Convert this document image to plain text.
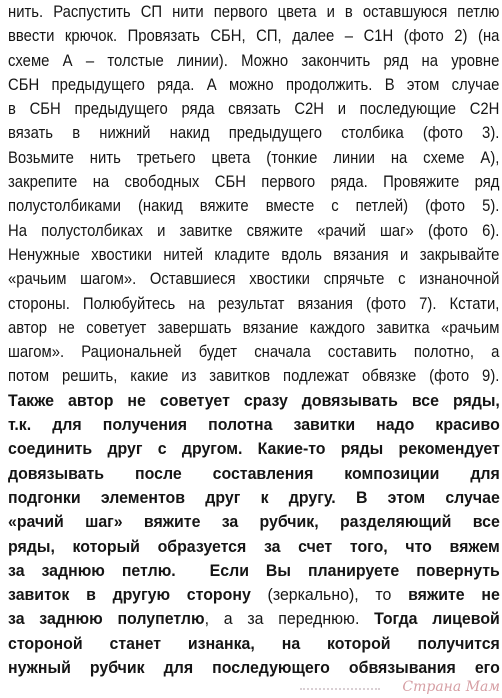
нить. Распустить СП нити первого цвета и в оставшуюся петлю
ввести крючок. Провязать СБН, СП, далее – С1Н (фото 2) (на
схеме А – толстые линии). Можно закончить ряд на уровне
СБН предыдущего ряда. А можно продолжить. В этом случае
в СБН предыдущего ряда связать С2Н и последующие С2Н
вязать в нижний накид предыдущего столбика (фото 3).
Возьмите нить третьего цвета (тонкие линии на схеме А),
закрепите на свободных СБН первого ряда. Провяжите ряд
полустолбиками (накид вяжите вместе с петлей) (фото 5).
На полустолбиках и завитке свяжите «рачий шаг» (фото 6).
Ненужные хвостики нитей кладите вдоль вязания и закрывайте
«рачьим шагом». Оставшиеся хвостики спрячьте с изнаночной
стороны. Полюбуйтесь на результат вязания (фото 7). Кстати,
автор не советует завершать вязание каждого завитка «рачьим
шагом». Рациональней будет сначала составить полотно, а
потом решить, какие из завитков подлежат обвязке (фото 9).
Также автор не советует сразу довязывать все ряды,
т.к. для получения полотна завитки надо красиво
соединить друг с другом. Какие-то ряды рекомендует
довязывать после составления композиции для
подгонки элементов друг к другу. В этом случае
«рачий шаг» вяжите за рубчик, разделяющий все
ряды, который образуется за счет того, что вяжем
за заднюю петлю.  Если Вы планируете повернуть
завиток в другую сторону (зеркально), то вяжите не
за заднюю полупетлю, а за переднюю. Тогда лицевой
стороной станет изнанка, на которой получится
нужный рубчик для последующего обвязывания его
Страна Мам
